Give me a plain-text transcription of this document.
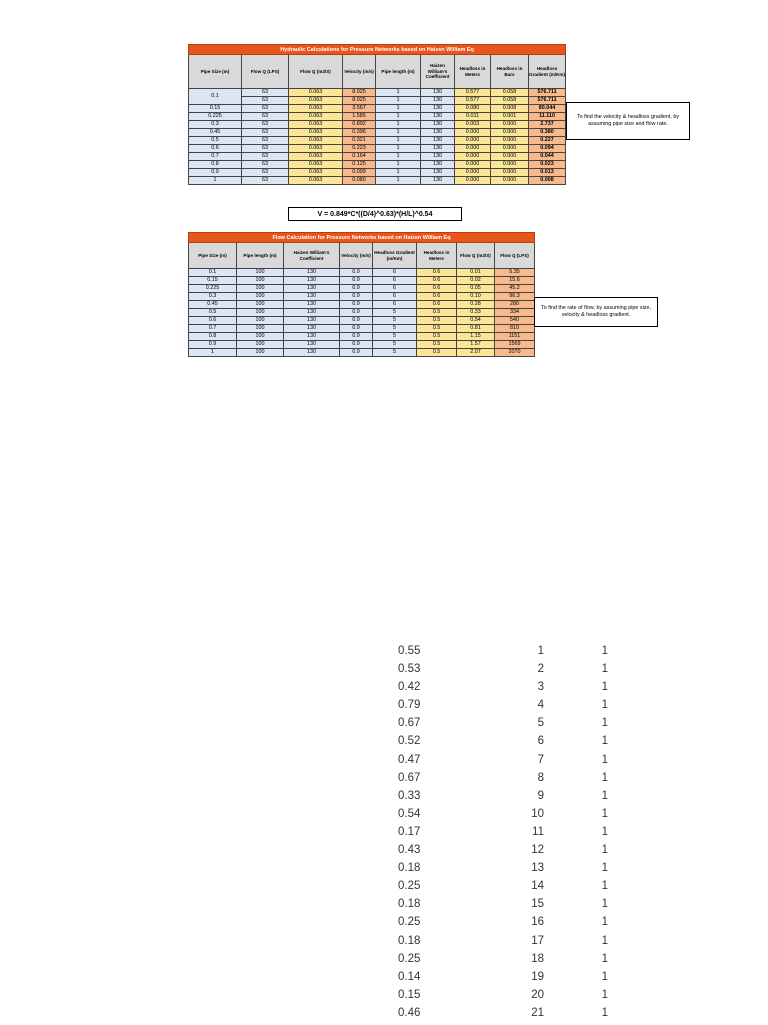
Hydraulic Calculations for Pressure Networks based on Haizen William Eq								
Pipe Size (m)	Flow Q (LPS)	Flow Q (m3/S)	Velocity (m/s)	Pipe length (m)	Haizen William's Coefficient	Headloss in Meters	Headloss in Bars	Headloss Gradient (m/Km)
0.1	63	0.063	8.025	1	130	0.577	0.058	576.711
	63	0.063	8.025	1	130	0.577	0.058	576.711
0.15	63	0.063	3.567	1	130	0.080	0.008	80.044
0.225	63	0.063	1.585	1	130	0.011	0.001	11.110
0.3	63	0.063	0.892	1	130	0.003	0.000	2.737
0.45	63	0.063	0.396	1	130	0.000	0.000	0.380
0.5	63	0.063	0.321	1	130	0.000	0.000	0.227
0.6	63	0.063	0.223	1	130	0.000	0.000	0.094
0.7	63	0.063	0.164	1	130	0.000	0.000	0.044
0.8	63	0.063	0.125	1	130	0.000	0.000	0.023
0.9	63	0.063	0.099	1	130	0.000	0.000	0.013
1	63	0.063	0.080	1	130	0.000	0.000	0.008
To find the velocity & headloss gradient, by assuming pipe size and flow rate.
V = 0.849*C*((D/4)^0.63)*(H/L)^0.54
Flow Calculation for Pressure Networks based on Haizen William Eq							
Pipe Size (m)	Pipe length (m)	Haizen William's Coefficient	Velocity (m/s)	Headloss Gradient (m/Km)	Headloss in Meters	Flow Q (m3/S)	Flow Q (LPS)
0.1	100	130	0.9	6	0.6	0.01	5.35
0.15	100	130	0.9	6	0.6	0.02	15.6
0.225	100	130	0.9	6	0.6	0.05	45.2
0.3	100	130	0.9	6	0.6	0.10	96.3
0.45	100	130	0.9	6	0.6	0.28	280
0.5	100	130	0.9	5	0.5	0.33	334
0.6	100	130	0.9	5	0.5	0.54	540
0.7	100	130	0.9	5	0.5	0.81	810
0.8	100	130	0.9	5	0.5	1.15	1151
0.9	100	130	0.9	5	0.5	1.57	1569
1	100	130	0.9	5	0.5	2.07	2070
To find the rate of flow, by assuming pipe size, velocity & headloss gradient.
0.55	1	1
0.53	2	1
0.42	3	1
0.79	4	1
0.67	5	1
0.52	6	1
0.47	7	1
0.67	8	1
0.33	9	1
0.54	10	1
0.17	11	1
0.43	12	1
0.18	13	1
0.25	14	1
0.18	15	1
0.25	16	1
0.18	17	1
0.25	18	1
0.14	19	1
0.15	20	1
0.46	21	1
